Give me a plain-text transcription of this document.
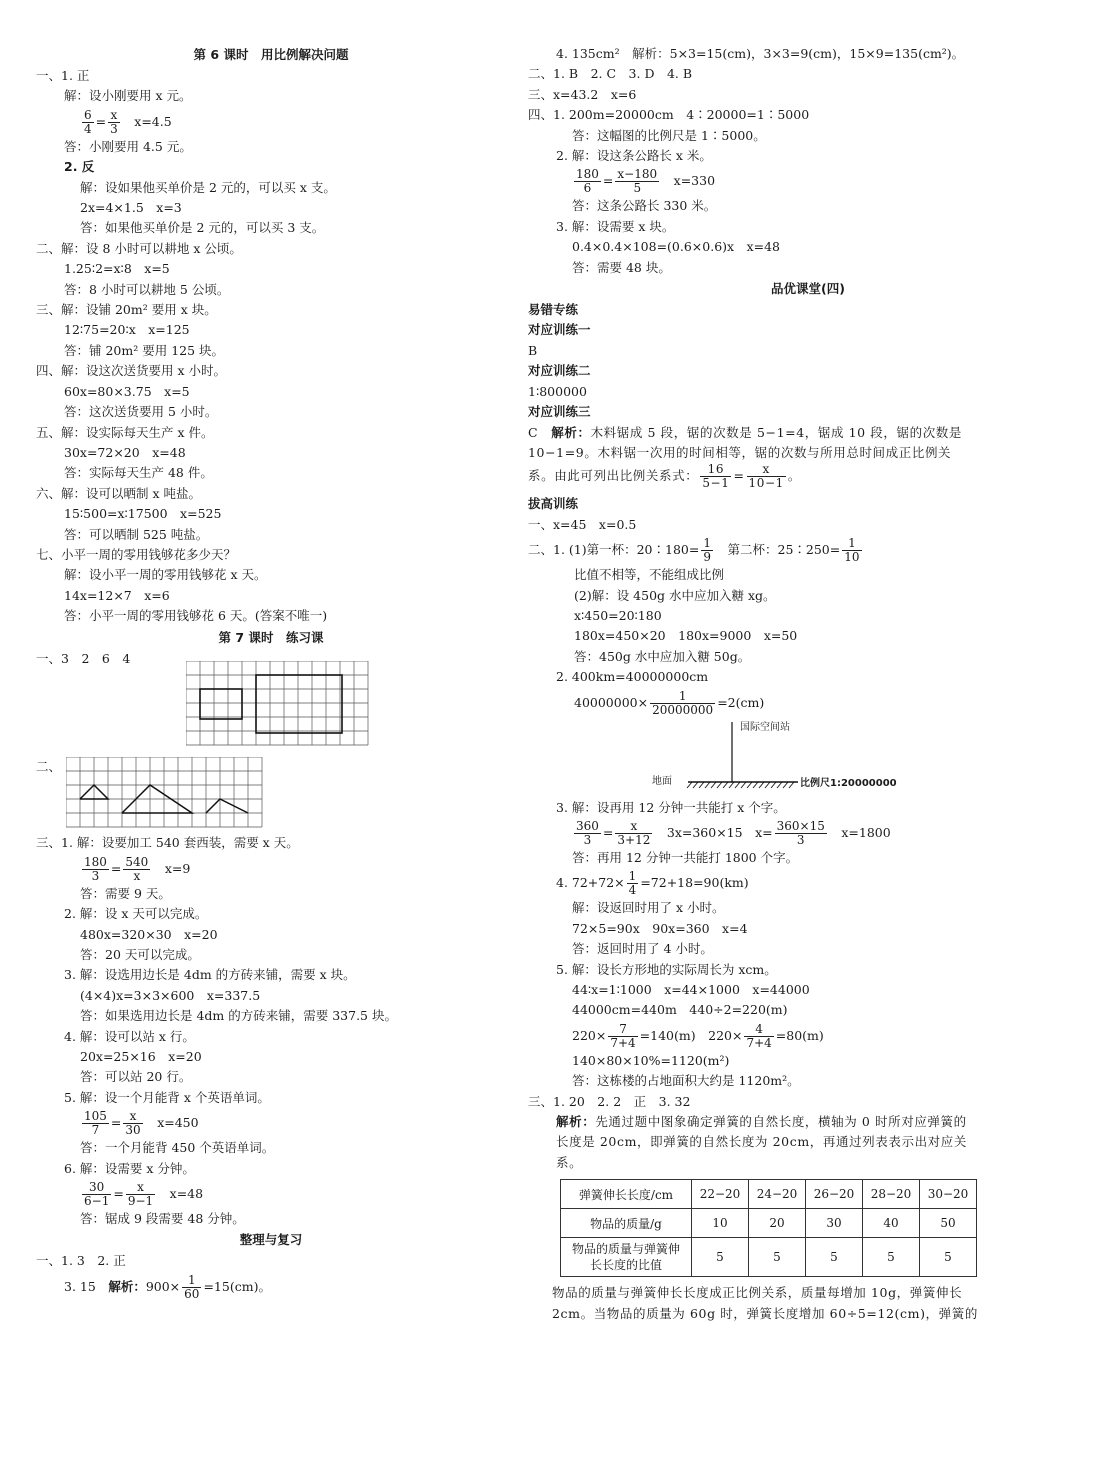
第 6 课时　用比例解决问题
一、1. 正
解：设小刚要用 x 元。
$\frac{6}{4} = \frac{x}{3}$
　 x=4.5
答：小刚要用 4.5 元。
2. 反
解：设如果他买单价是 2 元的，可以买 x 支。
2x=4×1.5　x=3
答：如果他买单价是 2 元的，可以买 3 支。
二、解：设 8 小时可以耕地 x 公顷。
1.25∶2=x∶8　x=5
答：8 小时可以耕地 5 公顷。
三、解：设铺 20m² 要用 x 块。
12∶75=20∶x　x=125
答：铺 20m² 要用 125 块。
四、解：设这次送货要用 x 小时。
60x=80×3.75　x=5
答：这次送货要用 5 小时。
五、解：设实际每天生产 x 件。
30x=72×20　x=48
答：实际每天生产 48 件。
六、解：设可以晒制 x 吨盐。
15∶500=x∶17500　x=525
答：可以晒制 525 吨盐。
七、小平一周的零用钱够花多少天？
解：设小平一周的零用钱够花 x 天。
14x=12×7　x=6
答：小平一周的零用钱够花 6 天。(答案不唯一)
第 7 课时　练习课
一、3　2　6　4
二、
三、1. 解：设要加工 540 套西装，需要 x 天。
$\frac{180}{3} = \frac{540}{x}$
　 x=9
答：需要 9 天。
2. 解：设 x 天可以完成。
480x=320×30　x=20
答：20 天可以完成。
3. 解：设选用边长是 4dm 的方砖来铺，需要 x 块。
(4×4)x=3×3×600　x=337.5
答：如果选用边长是 4dm 的方砖来铺，需要 337.5 块。
4. 解：设可以站 x 行。
20x=25×16　x=20
答：可以站 20 行。
5. 解：设一个月能背 x 个英语单词。
$\frac{105}{7} = \frac{x}{30}$
　 x=450
答：一个月能背 450 个英语单词。
6. 解：设需要 x 分钟。
$\frac{30}{6-1} = \frac{x}{9-1}$
　 x=48
答：锯成 9 段需要 48 分钟。
整理与复习
一、1. 3　2. 正
3. 15　解析：$900\times \frac{1}{60} =15(cm)$。
4. 135cm²　解析：5×3=15(cm)，3×3=9(cm)，15×9=135(cm²)。
二、1. B　2. C　3. D　4. B
三、x=43.2　x=6
四、1. 200m=20000cm　4∶20000=1∶5000
答：这幅图的比例尺是 1∶5000。
2. 解：设这条公路长 x 米。
$\frac{180}{6} = \frac{x-180}{5}$
　 x=330
答：这条公路长 330 米。
3. 解：设需要 x 块。
0.4×0.4×108=(0.6×0.6)x　x=48
答：需要 48 块。
品优课堂(四)
易错专练
对应训练一
B
对应训练二
1∶800000
对应训练三
C　解析：木料锯成 5 段，锯的次数是 5−1=4，锯成 10 段，锯的次数是 10−1=9。木料锯一次用的时间相等，锯的次数与所用总时间成正比例关系。由此可列出比例关系式： $\frac{16}{5-1} = \frac{x}{10-1}$ 。
拔高训练
一、x=45　x=0.5
二、1. (1)第一杯：20∶180= $\frac{1}{9}$ 　第二杯：25∶250= $\frac{1}{10}$
比值不相等，不能组成比例
(2)解：设 450g 水中应加入糖 xg。
x∶450=20∶180
180x=450×20　180x=9000　x=50
答：450g 水中应加入糖 50g。
2. 400km=40000000cm
$40000000\times \frac{1}{20000000} =2(cm)$
国际空间站
地面	比例尺1:20000000
3. 解：设再用 12 分钟一共能打 x 个字。
$\frac{360}{3} = \frac{x}{3+12}$
　 3x=360×15　$x= \frac{360\times 15}{3}$
　 x=1800
答：再用 12 分钟一共能打 1800 个字。
4. $72+72\times \frac{1}{4} =72+18=90(km)$
解：设返回时用了 x 小时。
72×5=90x　90x=360　x=4
答：返回时用了 4 小时。
5. 解：设长方形地的实际周长为 xcm。
44∶x=1∶1000　x=44×1000　x=44000
44000cm=440m　440÷2=220(m)
$220\times \frac{7}{7+4} =140(m)$　$220\times \frac{4}{7+4} =80(m)$
140×80×10%=1120(m²)
答：这栋楼的占地面积大约是 1120m²。
三、1. 20　2. 2　正　3. 32
解析：先通过题中图象确定弹簧的自然长度，横轴为 0 时所对应弹簧的长度是 20cm，即弹簧的自然长度为 20cm，再通过列表表示出对应关系。
弹簧伸长长度/cm	22−20	24−20	26−20	28−20	30−20
物品的质量/g	10	20	30	40	50
物品的质量与弹簧伸长长度的比值	5	5	5	5	5
物品的质量与弹簧伸长长度成正比例关系，质量每增加 10g，弹簧伸长 2cm。当物品的质量为 60g 时，弹簧长度增加 60÷5=12(cm)，弹簧的
